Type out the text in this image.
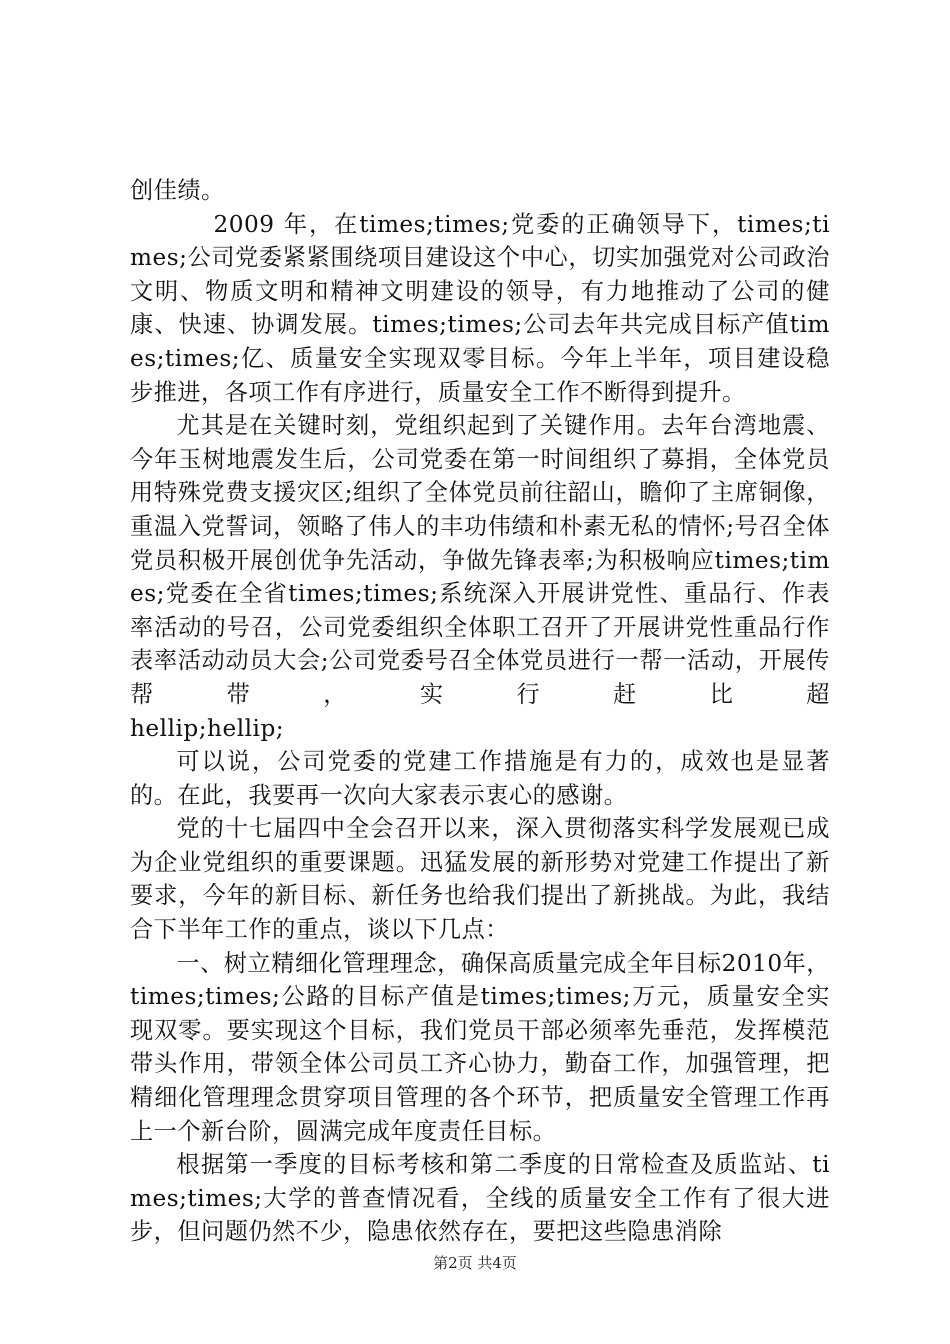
创佳绩。

2009 年，在times;times;党委的正确领导下，times;times;公司党委紧紧围绕项目建设这个中心，切实加强党对公司政治文明、物质文明和精神文明建设的领导，有力地推动了公司的健康、快速、协调发展。times;times;公司去年共完成目标产值times;times;亿、质量安全实现双零目标。今年上半年，项目建设稳步推进，各项工作有序进行，质量安全工作不断得到提升。

尤其是在关键时刻，党组织起到了关键作用。去年台湾地震、今年玉树地震发生后，公司党委在第一时间组织了募捐，全体党员用特殊党费支援灾区;组织了全体党员前往韶山，瞻仰了主席铜像，重温入党誓词，领略了伟人的丰功伟绩和朴素无私的情怀;号召全体党员积极开展创优争先活动，争做先锋表率;为积极响应times;times;党委在全省times;times;系统深入开展讲党性、重品行、作表率活动的号召，公司党委组织全体职工召开了开展讲党性重品行作表率活动动员大会;公司党委号召全体党员进行一帮一活动，开展传帮带，实行赶比超

hellip;hellip;

可以说，公司党委的党建工作措施是有力的，成效也是显著的。在此，我要再一次向大家表示衷心的感谢。

党的十七届四中全会召开以来，深入贯彻落实科学发展观已成为企业党组织的重要课题。迅猛发展的新形势对党建工作提出了新要求，今年的新目标、新任务也给我们提出了新挑战。为此，我结合下半年工作的重点，谈以下几点：

一、树立精细化管理理念，确保高质量完成全年目标2010年，times;times;公路的目标产值是times;times;万元，质量安全实现双零。要实现这个目标，我们党员干部必须率先垂范，发挥模范带头作用，带领全体公司员工齐心协力，勤奋工作，加强管理，把精细化管理理念贯穿项目管理的各个环节，把质量安全管理工作再上一个新台阶，圆满完成年度责任目标。

根据第一季度的目标考核和第二季度的日常检查及质监站、times;times;大学的普查情况看，全线的质量安全工作有了很大进步，但问题仍然不少，隐患依然存在，要把这些隐患消除

第2页 共4页
